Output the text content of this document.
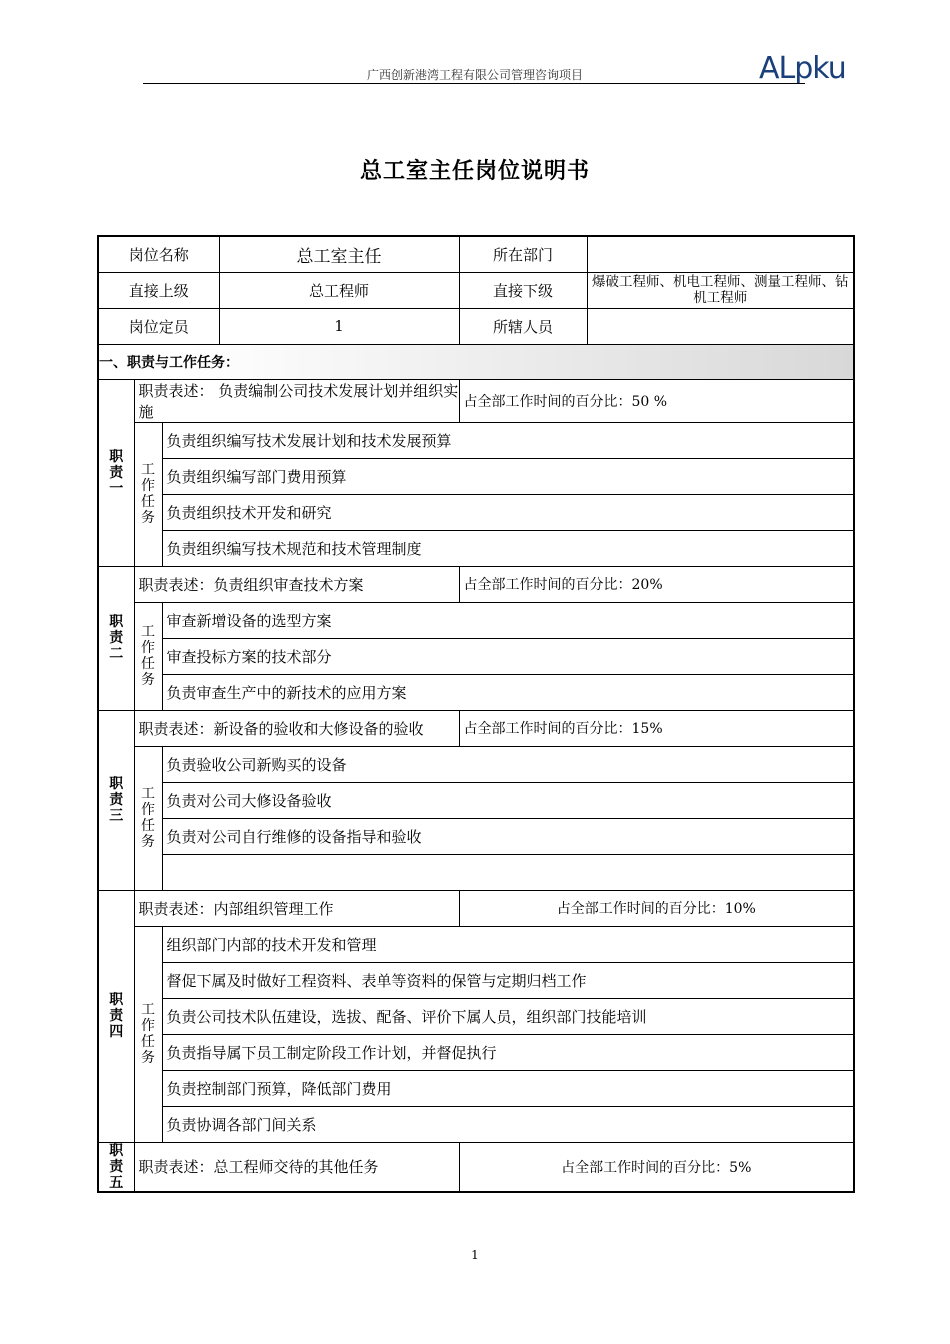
广西创新港湾工程有限公司管理咨询项目	ALpku
总工室主任岗位说明书
岗位名称			总工室主任	所在部门	
直接上级			总工程师	直接下级	爆破工程师、机电工程师、测量工程师、钻机工程师
岗位定员			1	所辖人员	
一、职责与工作任务：					
职责一	职责表述： 负责编制公司技术发展计划并组织实施			占全部工作时间的百分比：50 %	
	工作任务	负责组织编写技术发展计划和技术发展预算			
		负责组织编写部门费用预算			
		负责组织技术开发和研究			
		负责组织编写技术规范和技术管理制度			
职责二	职责表述：负责组织审查技术方案			占全部工作时间的百分比：20%	
	工作任务	审查新增设备的选型方案			
		审查投标方案的技术部分			
		负责审查生产中的新技术的应用方案			
职责三	职责表述：新设备的验收和大修设备的验收			占全部工作时间的百分比：15%	
	工作任务	负责验收公司新购买的设备			
		负责对公司大修设备验收			
		负责对公司自行维修的设备指导和验收			

职责四	职责表述：内部组织管理工作			占全部工作时间的百分比：10%	
	工作任务	组织部门内部的技术开发和管理			
		督促下属及时做好工程资料、表单等资料的保管与定期归档工作			
		负责公司技术队伍建设，选拔、配备、评价下属人员，组织部门技能培训			
		负责指导属下员工制定阶段工作计划，并督促执行			
		负责控制部门预算，降低部门费用			
		负责协调各部门间关系			
职责五	职责表述：总工程师交待的其他任务			占全部工作时间的百分比：5%	
1
